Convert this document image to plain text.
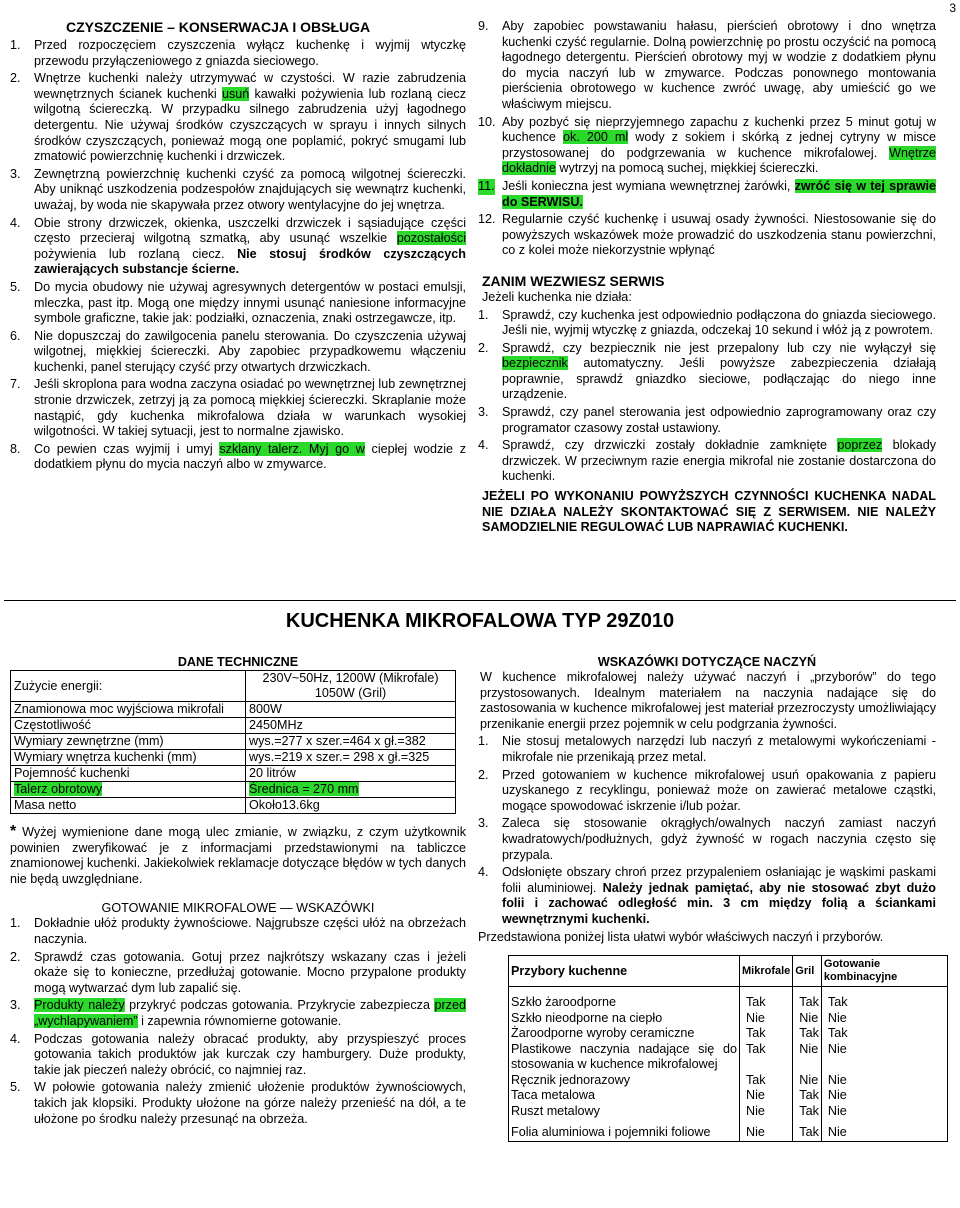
3
CZYSZCZENIE – KONSERWACJA I OBSŁUGA
1. Przed rozpoczęciem czyszczenia wyłącz kuchenkę i wyjmij wtyczkę przewodu przyłączeniowego z gniazda sieciowego.
2. Wnętrze kuchenki należy utrzymywać w czystości. W razie zabrudzenia wewnętrznych ścianek kuchenki usuń kawałki pożywienia lub rozlaną ciecz wilgotną ściereczką. W przypadku silnego zabrudzenia użyj łagodnego detergentu. Nie używaj środków czyszczących w sprayu i innych silnych środków czyszczących, ponieważ mogą one poplamić, pokryć smugami lub zmatowić powierzchnię kuchenki i drzwiczek.
3. Zewnętrzną powierzchnię kuchenki czyść za pomocą wilgotnej ściereczki. Aby uniknąć uszkodzenia podzespołów znajdujących się wewnątrz kuchenki, uważaj, by woda nie skapywała przez otwory wentylacyjne do jej wnętrza.
4. Obie strony drzwiczek, okienka, uszczelki drzwiczek i sąsiadujące części często przecieraj wilgotną szmatką, aby usunąć wszelkie pozostałości pożywienia lub rozlaną ciecz. Nie stosuj środków czyszczących zawierających substancje ścierne.
5. Do mycia obudowy nie używaj agresywnych detergentów w postaci emulsji, mleczka, past itp. Mogą one między innymi usunąć naniesione informacyjne symbole graficzne, takie jak: podziałki, oznaczenia, znaki ostrzegawcze, itp.
6. Nie dopuszczaj do zawilgocenia panelu sterowania. Do czyszczenia używaj wilgotnej, miękkiej ściereczki. Aby zapobiec przypadkowemu włączeniu kuchenki, panel sterujący czyść przy otwartych drzwiczkach.
7. Jeśli skroplona para wodna zaczyna osiadać po wewnętrznej lub zewnętrznej stronie drzwiczek, zetrzyj ją za pomocą miękkiej ściereczki. Skraplanie może nastąpić, gdy kuchenka mikrofalowa działa w warunkach wysokiej wilgotności. W takiej sytuacji, jest to normalne zjawisko.
8. Co pewien czas wyjmij i umyj szklany talerz. Myj go w ciepłej wodzie z dodatkiem płynu do mycia naczyń albo w zmywarce.
9. Aby zapobiec powstawaniu hałasu, pierścień obrotowy i dno wnętrza kuchenki czyść regularnie. Dolną powierzchnię po prostu oczyścić na pomocą łagodnego detergentu. Pierścień obrotowy myj w wodzie z dodatkiem płynu do mycia naczyń lub w zmywarce. Podczas ponownego montowania pierścienia obrotowego w kuchence zwróć uwagę, aby umieścić go we właściwym miejscu.
10. Aby pozbyć się nieprzyjemnego zapachu z kuchenki przez 5 minut gotuj w kuchence ok. 200 ml wody z sokiem i skórką z jednej cytryny w misce przystosowanej do podgrzewania w kuchence mikrofalowej. Wnętrze dokładnie wytrzyj na pomocą suchej, miękkiej ściereczki.
11. Jeśli konieczna jest wymiana wewnętrznej żarówki, zwróć się w tej sprawie do SERWISU.
12. Regularnie czyść kuchenkę i usuwaj osady żywności. Niestosowanie się do powyższych wskazówek może prowadzić do uszkodzenia stanu powierzchni, co z kolei może niekorzystnie wpłynąć
ZANIM WEZWIESZ SERWIS
Jeżeli kuchenka nie działa:
1. Sprawdź, czy kuchenka jest odpowiednio podłączona do gniazda sieciowego. Jeśli nie, wyjmij wtyczkę z gniazda, odczekaj 10 sekund i włóż ją z powrotem.
2. Sprawdź, czy bezpiecznik nie jest przepalony lub czy nie wyłączył się bezpiecznik automatyczny. Jeśli powyższe zabezpieczenia działają poprawnie, sprawdź gniazdko sieciowe, podłączając do niego inne urządzenie.
3. Sprawdź, czy panel sterowania jest odpowiednio zaprogramowany oraz czy programator czasowy został ustawiony.
4. Sprawdź, czy drzwiczki zostały dokładnie zamknięte poprzez blokady drzwiczek. W przeciwnym razie energia mikrofal nie zostanie dostarczona do kuchenki.
JEŻELI PO WYKONANIU POWYŻSZYCH CZYNNOŚCI KUCHENKA NADAL NIE DZIAŁA NALEŻY SKONTAKTOWAĆ SIĘ Z SERWISEM. NIE NALEŻY SAMODZIELNIE REGULOWAĆ LUB NAPRAWIAĆ KUCHENKI.
KUCHENKA MIKROFALOWA TYP 29Z010
DANE TECHNICZNE
Zużycie energii:	230V~50Hz, 1200W (Mikrofale) 1050W (Gril)
Znamionowa moc wyjściowa mikrofali	800W
Częstotliwość	2450MHz
Wymiary zewnętrzne (mm)	wys.=277 x szer.=464 x gł.=382
Wymiary wnętrza kuchenki (mm)	wys.=219 x szer.= 298 x gł.=325
Pojemność kuchenki	20 litrów
Talerz obrotowy	Średnica = 270 mm
Masa netto	Około13.6kg
* Wyżej wymienione dane mogą ulec zmianie, w związku, z czym użytkownik powinien zweryfikować je z informacjami przedstawionymi na tabliczce znamionowej kuchenki. Jakiekolwiek reklamacje dotyczące błędów w tych danych nie będą uwzględniane.
GOTOWANIE MIKROFALOWE — WSKAZÓWKI
1. Dokładnie ułóż produkty żywnościowe. Najgrubsze części ułóż na obrzeżach naczynia.
2. Sprawdź czas gotowania. Gotuj przez najkrótszy wskazany czas i jeżeli okaże się to konieczne, przedłużaj gotowanie. Mocno przypalone produkty mogą wytwarzać dym lub zapalić się.
3. Produkty należy przykryć podczas gotowania. Przykrycie zabezpiecza przed „wychlapywaniem” i zapewnia równomierne gotowanie.
4. Podczas gotowania należy obracać produkty, aby przyspieszyć proces gotowania takich produktów jak kurczak czy hamburgery. Duże produkty, takie jak pieczeń należy obrócić, co najmniej raz.
5. W połowie gotowania należy zmienić ułożenie produktów żywnościowych, takich jak klopsiki. Produkty ułożone na górze należy przenieść na dół, a te ułożone po środku należy przesunąć na obrzeża.
WSKAZÓWKI DOTYCZĄCE NACZYŃ
W kuchence mikrofalowej należy używać naczyń i „przyborów” do tego przystosowanych. Idealnym materiałem na naczynia nadające się do zastosowania w kuchence mikrofalowej jest materiał przezroczysty umożliwiający przenikanie energii przez pojemnik w celu podgrzania żywności.
1. Nie stosuj metalowych narzędzi lub naczyń z metalowymi wykończeniami - mikrofale nie przenikają przez metal.
2. Przed gotowaniem w kuchence mikrofalowej usuń opakowania z papieru uzyskanego z recyklingu, ponieważ może on zawierać metalowe cząstki, mogące spowodować iskrzenie i/lub pożar.
3. Zaleca się stosowanie okrągłych/owalnych naczyń zamiast naczyń kwadratowych/podłużnych, gdyż żywność w rogach naczynia często się przypala.
4. Odsłonięte obszary chroń przez przypaleniem osłaniając je wąskimi paskami folii aluminiowej. Należy jednak pamiętać, aby nie stosować zbyt dużo folii i zachować odległość min. 3 cm między folią a ściankami wewnętrznymi kuchenki.
Przedstawiona poniżej lista ułatwi wybór właściwych naczyń i przyborów.
Przybory kuchenne	Mikrofale	Gril	Gotowanie kombinacyjne
Szkło żaroodporne	Tak	Tak	Tak
Szkło nieodporne na ciepło	Nie	Nie	Nie
Żaroodporne wyroby ceramiczne	Tak	Tak	Tak
Plastikowe naczynia nadające się do stosowania w kuchence mikrofalowej	Tak	Nie	Nie
Ręcznik jednorazowy	Tak	Nie	Nie
Taca metalowa	Nie	Tak	Nie
Ruszt metalowy	Nie	Tak	Nie
Folia aluminiowa i pojemniki foliowe	Nie	Tak	Nie
